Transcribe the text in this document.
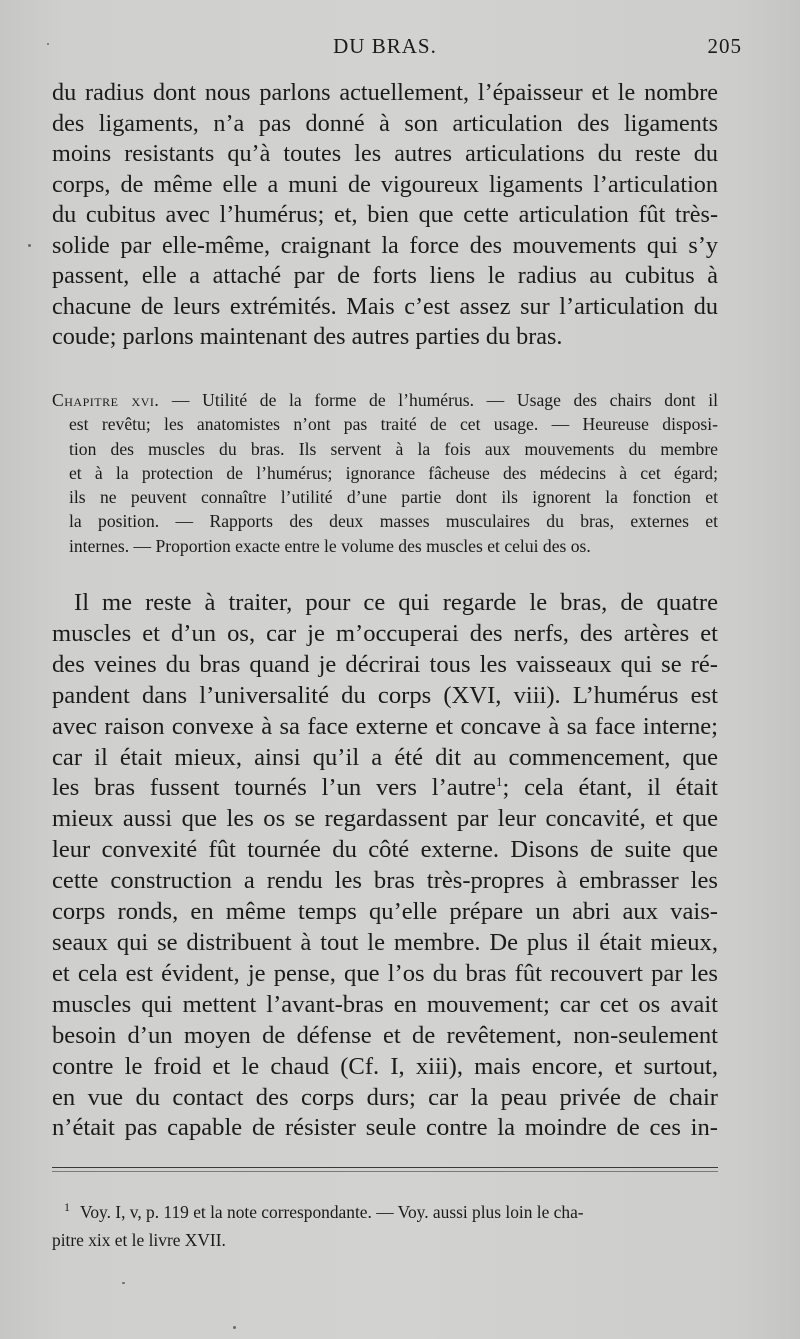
DU BRAS.	205
du radius dont nous parlons actuellement, l’épaisseur et le nombre
des ligaments, n’a pas donné à son articulation des ligaments
moins resistants qu’à toutes les autres articulations du reste du
corps, de même elle a muni de vigoureux ligaments l’articulation
du cubitus avec l’humérus; et, bien que cette articulation fût très-
solide par elle-même, craignant la force des mouvements qui s’y
passent, elle a attaché par de forts liens le radius au cubitus à
chacune de leurs extrémités. Mais c’est assez sur l’articulation du
coude; parlons maintenant des autres parties du bras.
Chapitre xvi. — Utilité de la forme de l’humérus. — Usage des chairs dont il
est revêtu; les anatomistes n’ont pas traité de cet usage. — Heureuse disposi-
tion des muscles du bras. Ils servent à la fois aux mouvements du membre
et à la protection de l’humérus; ignorance fâcheuse des médecins à cet égard;
ils ne peuvent connaître l’utilité d’une partie dont ils ignorent la fonction et
la position. — Rapports des deux masses musculaires du bras, externes et
internes. — Proportion exacte entre le volume des muscles et celui des os.
Il me reste à traiter, pour ce qui regarde le bras, de quatre
muscles et d’un os, car je m’occuperai des nerfs, des artères et
des veines du bras quand je décrirai tous les vaisseaux qui se ré-
pandent dans l’universalité du corps (XVI, viii). L’humérus est
avec raison convexe à sa face externe et concave à sa face interne;
car il était mieux, ainsi qu’il a été dit au commencement, que
les bras fussent tournés l’un vers l’autre$^1$; cela étant, il était
mieux aussi que les os se regardassent par leur concavité, et que
leur convexité fût tournée du côté externe. Disons de suite que
cette construction a rendu les bras très-propres à embrasser les
corps ronds, en même temps qu’elle prépare un abri aux vais-
seaux qui se distribuent à tout le membre. De plus il était mieux,
et cela est évident, je pense, que l’os du bras fût recouvert par les
muscles qui mettent l’avant-bras en mouvement; car cet os avait
besoin d’un moyen de défense et de revêtement, non-seulement
contre le froid et le chaud (Cf. I, xiii), mais encore, et surtout,
en vue du contact des corps durs; car la peau privée de chair
n’était pas capable de résister seule contre la moindre de ces in-
$^1$ Voy. I, v, p. 119 et la note correspondante. — Voy. aussi plus loin le cha-
pitre xix et le livre XVII.
